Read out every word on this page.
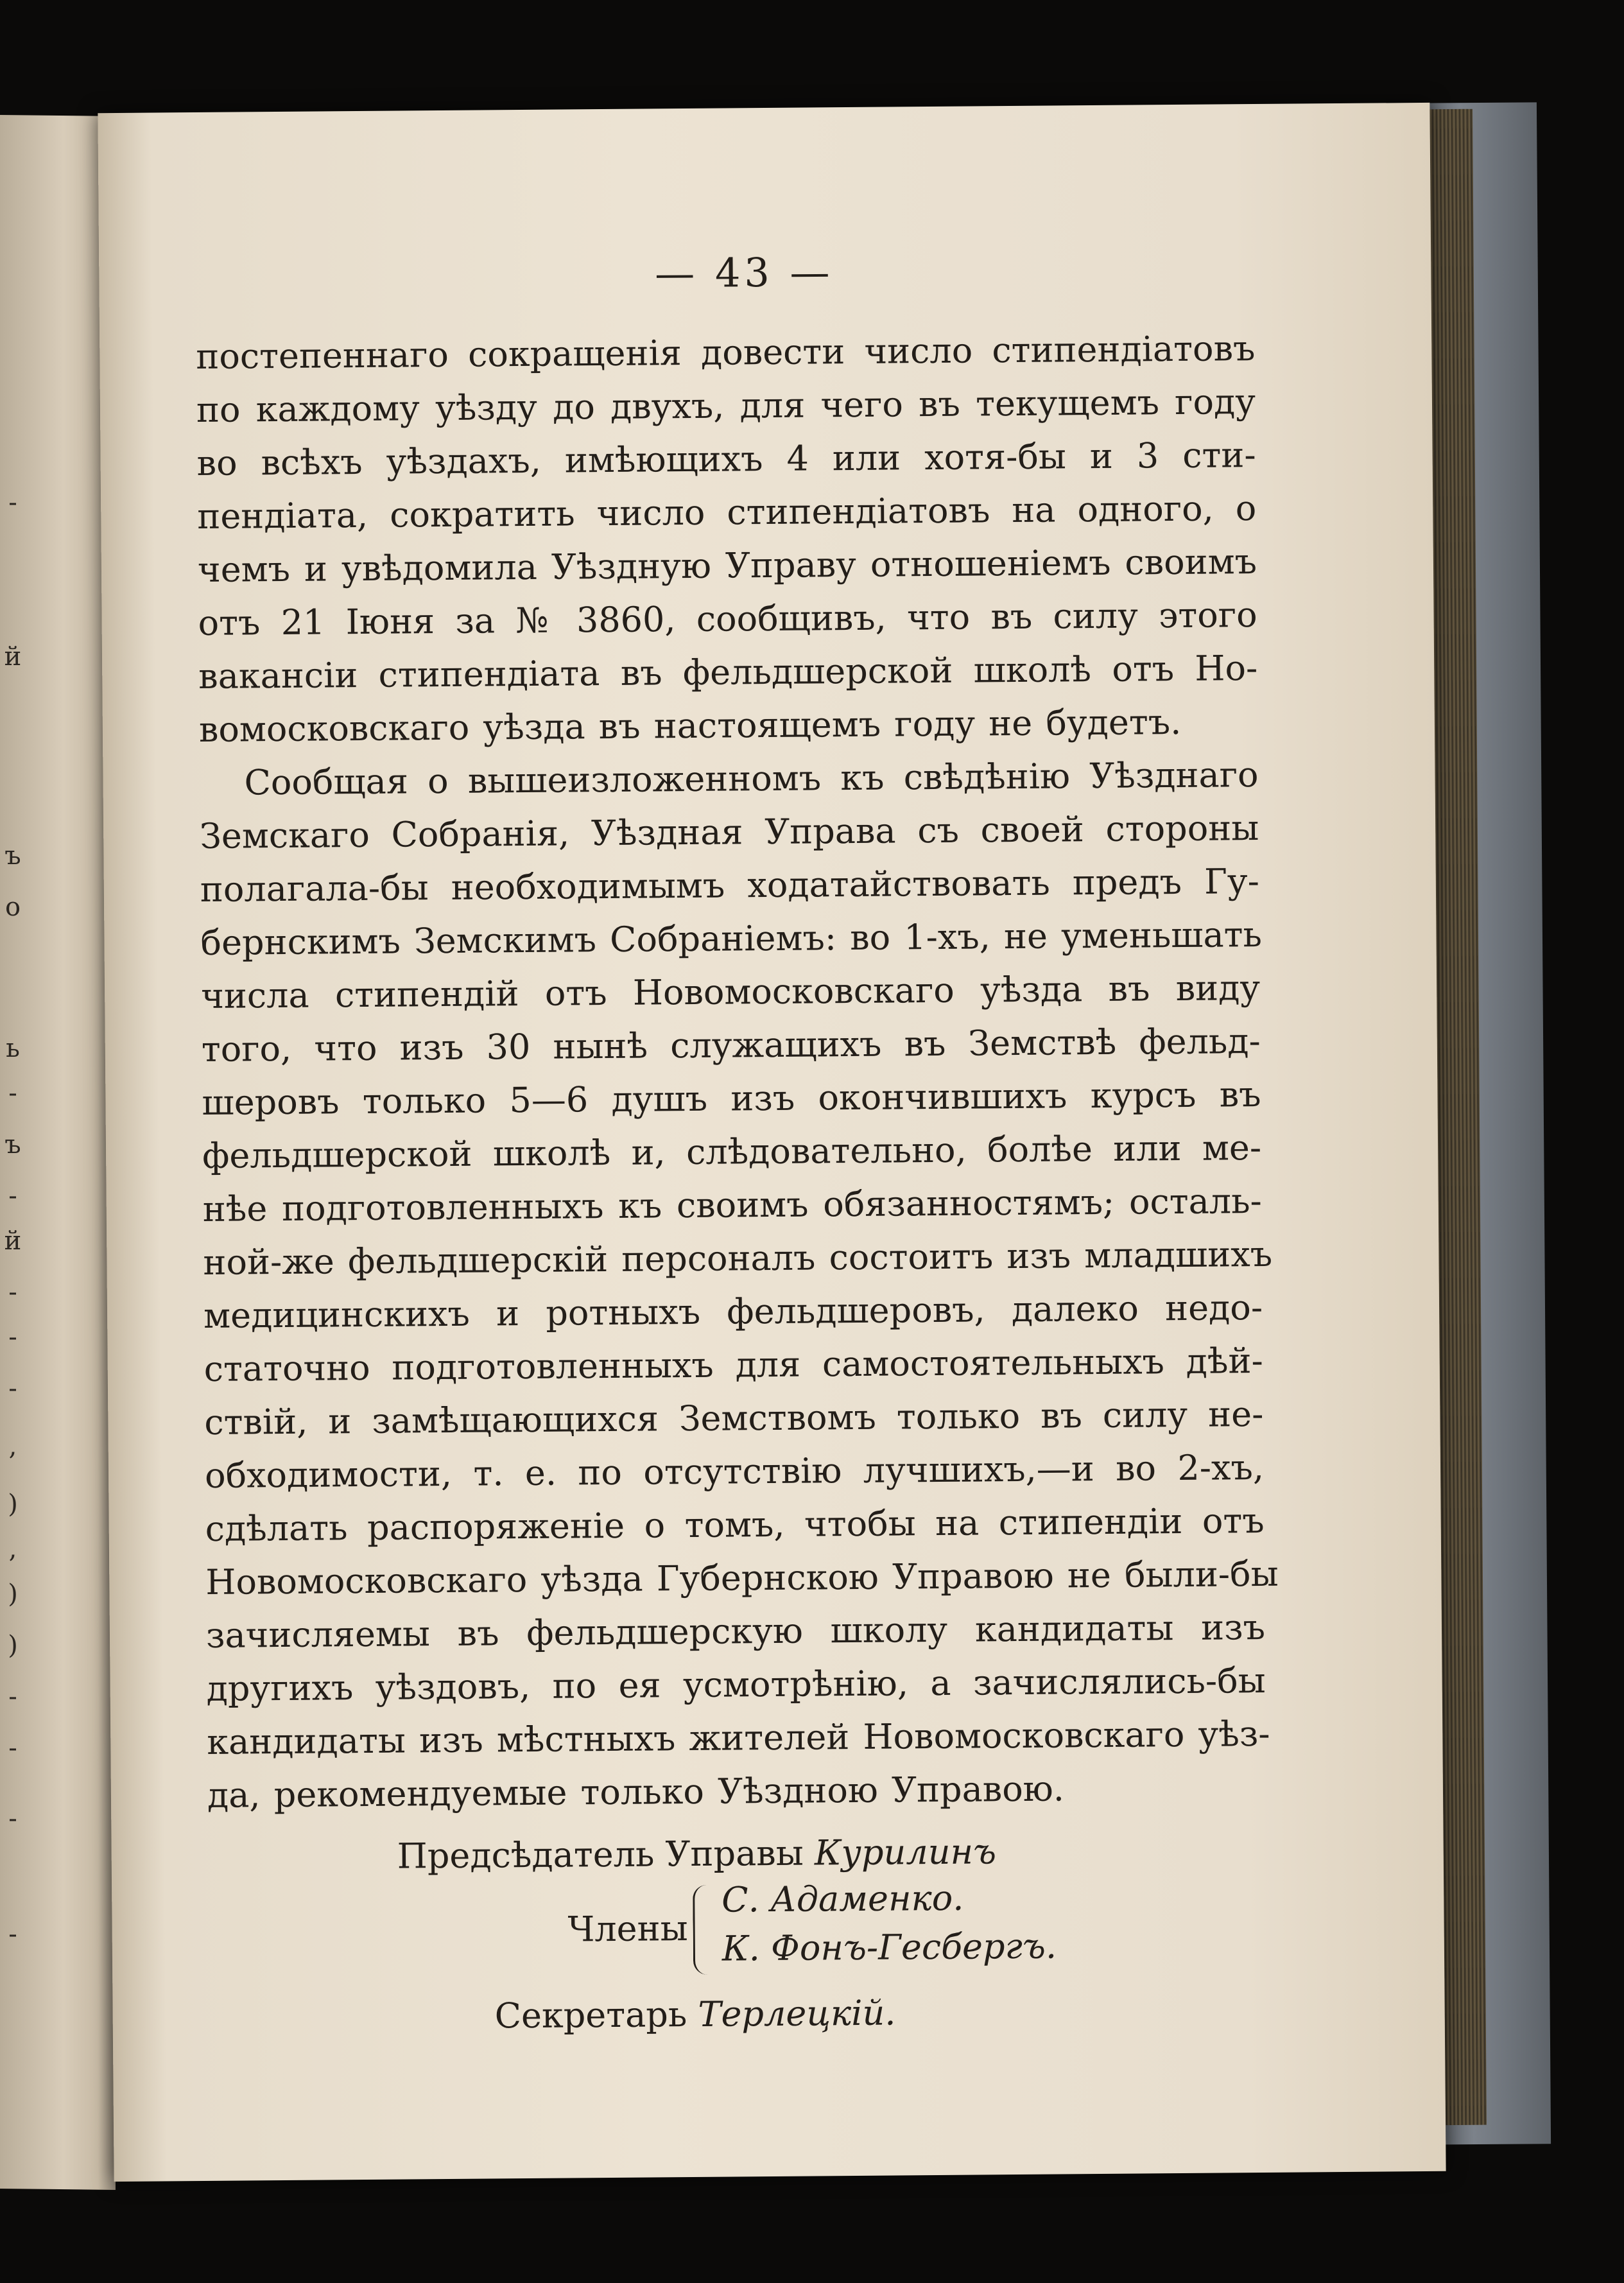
-
й
ъ
о
ь
-
ъ
-
й
-
-
-
,
)
,
)
)
-
-
-
-
— 43 —
постепеннаго сокращенія довести число стипендіатовъ
по каждому уѣзду до двухъ, для чего въ текущемъ году
во всѣхъ уѣздахъ, имѣющихъ 4 или хотя-бы и 3 сти-
пендіата, сократить число стипендіатовъ на одного, о
чемъ и увѣдомила Уѣздную Управу отношеніемъ своимъ
отъ 21 Іюня за № 3860, сообщивъ, что въ силу этого
вакансіи стипендіата въ фельдшерской школѣ отъ Но-
вомосковскаго уѣзда въ настоящемъ году не будетъ.
Сообщая о вышеизложенномъ къ свѣдѣнію Уѣзднаго
Земскаго Собранія, Уѣздная Управа съ своей стороны
полагала-бы необходимымъ ходатайствовать предъ Гу-
бернскимъ Земскимъ Собраніемъ: во 1-хъ, не уменьшать
числа стипендій отъ Новомосковскаго уѣзда въ виду
того, что изъ 30 нынѣ служащихъ въ Земствѣ фельд-
шеровъ только 5—6 душъ изъ окончившихъ курсъ въ
фельдшерской школѣ и, слѣдовательно, болѣе или ме-
нѣе подготовленныхъ къ своимъ обязанностямъ; осталь-
ной-же фельдшерскій персоналъ состоитъ изъ младшихъ
медицинскихъ и ротныхъ фельдшеровъ, далеко недо-
статочно подготовленныхъ для самостоятельныхъ дѣй-
ствій, и замѣщающихся Земствомъ только въ силу не-
обходимости, т. е. по отсутствію лучшихъ,—и во 2-хъ,
сдѣлать распоряженіе о томъ, чтобы на стипендіи отъ
Новомосковскаго уѣзда Губернскою Управою не были-бы
зачисляемы въ фельдшерскую школу кандидаты изъ
другихъ уѣздовъ, по ея усмотрѣнію, а зачислялись-бы
кандидаты изъ мѣстныхъ жителей Новомосковскаго уѣз-
да, рекомендуемые только Уѣздною Управою.
Предсѣдатель Управы Курилинъ
Члены
С. Адаменко.
К. Фонъ-Гесбергъ.
Секретарь Терлецкій.
